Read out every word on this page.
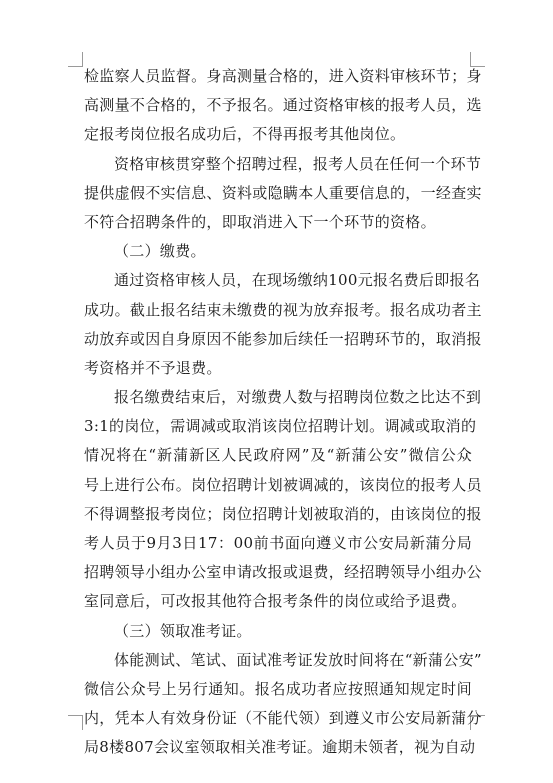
检监察人员监督。身高测量合格的，进入资料审核环节；身
高测量不合格的，不予报名。通过资格审核的报考人员，选
定报考岗位报名成功后，不得再报考其他岗位。
资格审核贯穿整个招聘过程，报考人员在任何一个环节
提供虚假不实信息、资料或隐瞒本人重要信息的，一经查实
不符合招聘条件的，即取消进入下一个环节的资格。
（二）缴费。
通过资格审核人员，在现场缴纳100元报名费后即报名
成功。截止报名结束未缴费的视为放弃报考。报名成功者主
动放弃或因自身原因不能参加后续任一招聘环节的，取消报
考资格并不予退费。
报名缴费结束后，对缴费人数与招聘岗位数之比达不到
3:1的岗位，需调减或取消该岗位招聘计划。调减或取消的
情况将在“新蒲新区人民政府网”及“新蒲公安”微信公众
号上进行公布。岗位招聘计划被调减的，该岗位的报考人员
不得调整报考岗位；岗位招聘计划被取消的，由该岗位的报
考人员于9月3日17：00前书面向遵义市公安局新蒲分局
招聘领导小组办公室申请改报或退费，经招聘领导小组办公
室同意后，可改报其他符合报考条件的岗位或给予退费。
（三）领取准考证。
体能测试、笔试、面试准考证发放时间将在“新蒲公安”
微信公众号上另行通知。报名成功者应按照通知规定时间
内，凭本人有效身份证（不能代领）到遵义市公安局新蒲分
局8楼807会议室领取相关准考证。逾期未领者，视为自动
